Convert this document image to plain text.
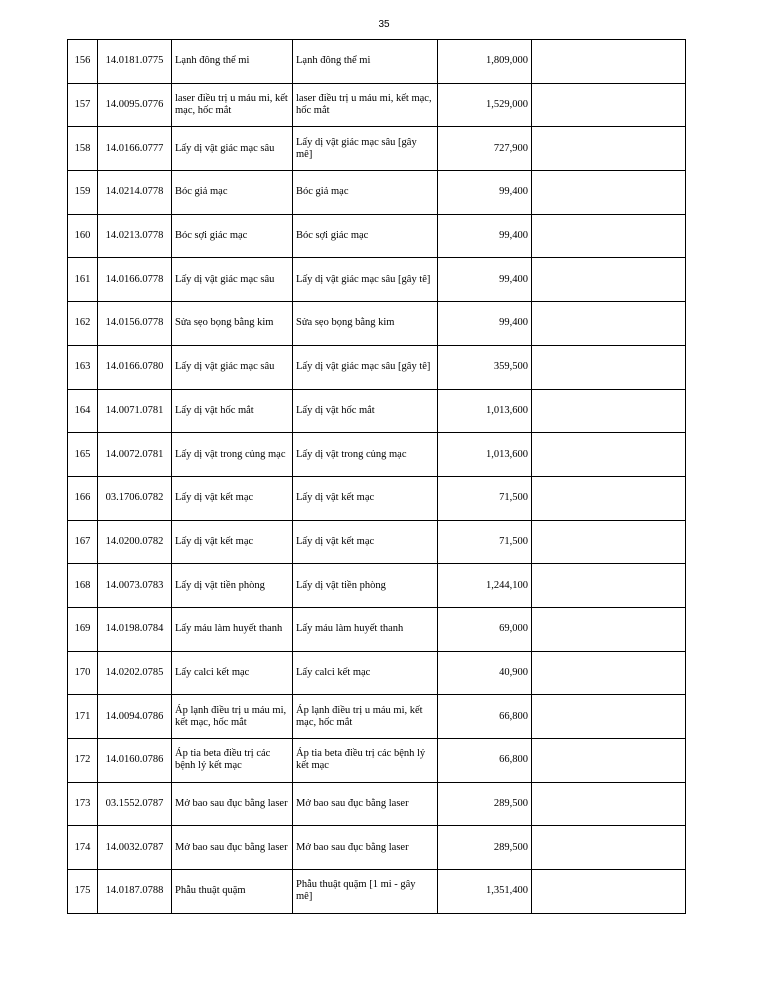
35
156	14.0181.0775	Lạnh đông thể mi	Lạnh đông thể mi	1,809,000	
157	14.0095.0776	laser điều trị u máu mi, kết mạc, hốc mắt	laser điều trị u máu mi, kết mạc, hốc mắt	1,529,000	
158	14.0166.0777	Lấy dị vật giác mạc sâu	Lấy dị vật giác mạc sâu [gây mê]	727,900	
159	14.0214.0778	Bóc giả mạc	Bóc giả mạc	99,400	
160	14.0213.0778	Bóc sợi giác mạc	Bóc sợi giác mạc	99,400	
161	14.0166.0778	Lấy dị vật giác mạc sâu	Lấy dị vật giác mạc sâu [gây tê]	99,400	
162	14.0156.0778	Sửa sẹo bọng bằng kim	Sửa sẹo bọng bằng kim	99,400	
163	14.0166.0780	Lấy dị vật giác mạc sâu	Lấy dị vật giác mạc sâu [gây tê]	359,500	
164	14.0071.0781	Lấy dị vật hốc mắt	Lấy dị vật hốc mắt	1,013,600	
165	14.0072.0781	Lấy dị vật trong củng mạc	Lấy dị vật trong củng mạc	1,013,600	
166	03.1706.0782	Lấy dị vật kết mạc	Lấy dị vật kết mạc	71,500	
167	14.0200.0782	Lấy dị vật kết mạc	Lấy dị vật kết mạc	71,500	
168	14.0073.0783	Lấy dị vật tiền phòng	Lấy dị vật tiền phòng	1,244,100	
169	14.0198.0784	Lấy máu làm huyết thanh	Lấy máu làm huyết thanh	69,000	
170	14.0202.0785	Lấy calci kết mạc	Lấy calci kết mạc	40,900	
171	14.0094.0786	Áp lạnh điều trị u máu mi, kết mạc, hốc mắt	Áp lạnh điều trị u máu mi, kết mạc, hốc mắt	66,800	
172	14.0160.0786	Áp tia beta điều trị các bệnh lý kết mạc	Áp tia beta điều trị các bệnh lý kết mạc	66,800	
173	03.1552.0787	Mở bao sau đục bằng laser	Mở bao sau đục bằng laser	289,500	
174	14.0032.0787	Mở bao sau đục bằng laser	Mở bao sau đục bằng laser	289,500	
175	14.0187.0788	Phẫu thuật quặm	Phẫu thuật quặm [1 mi - gây mê]	1,351,400	
